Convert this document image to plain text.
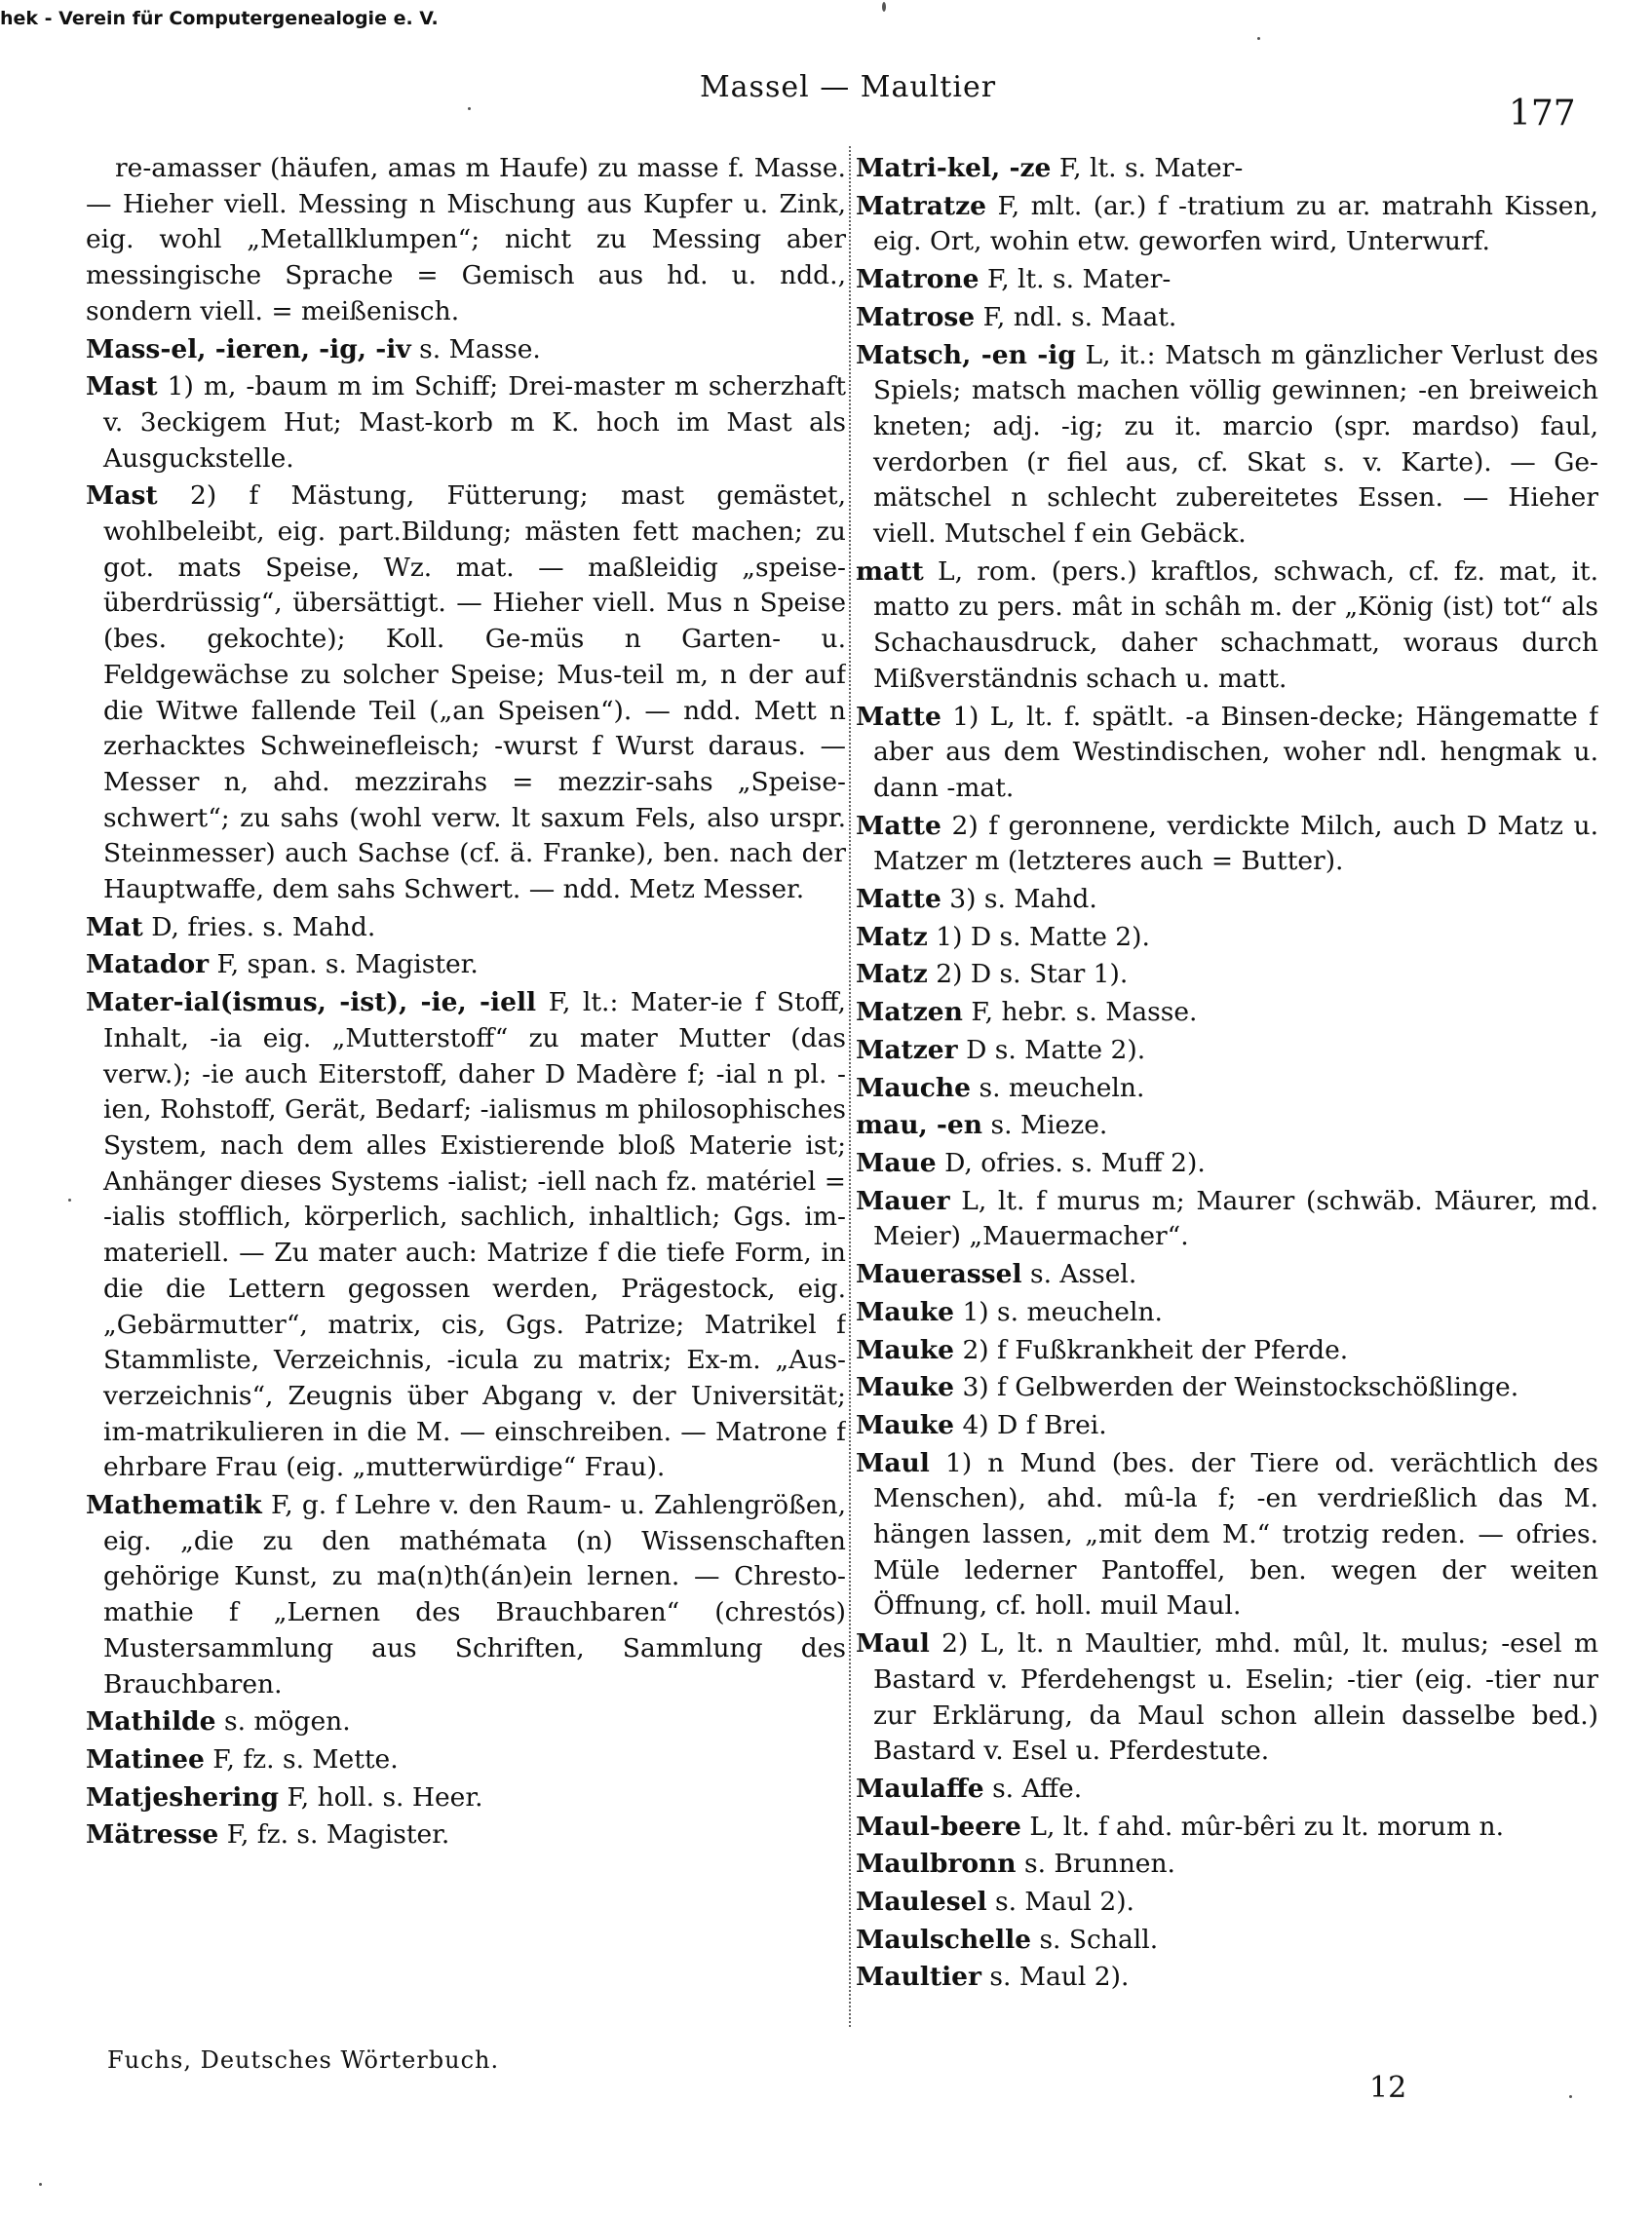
hek - Verein für Computergenealogie e. V.
Massel — Maultier
177
re-amasser (häufen, amas m Haufe) zu masse f. Masse. — Hieher viell. Messing n Mischung aus Kupfer u. Zink, eig. wohl „Metallklumpen“; nicht zu Messing aber messingische Sprache = Gemisch aus hd. u. ndd., sondern viell. = meißenisch.
Mass-el, -ieren, -ig, -iv s. Masse.
Mast 1) m, -baum m im Schiff; Drei-master m scherzhaft v. 3eckigem Hut; Mast-korb m K. hoch im Mast als Ausguckstelle.
Mast 2) f Mästung, Fütterung; mast gemästet, wohlbeleibt, eig. part.Bildung; mästen fett machen; zu got. mats Speise, Wz. mat. — maßleidig „speise-überdrüssig“, übersättigt. — Hieher viell. Mus n Speise (bes. gekochte); Koll. Ge-müs n Garten- u. Feldgewächse zu solcher Speise; Mus-teil m, n der auf die Witwe fallende Teil („an Speisen“). — ndd. Mett n zerhacktes Schweinefleisch; -wurst f Wurst daraus. — Messer n, ahd. mezzirahs = mezzir-sahs „Speise-schwert“; zu sahs (wohl verw. lt saxum Fels, also urspr. Steinmesser) auch Sachse (cf. ä. Franke), ben. nach der Hauptwaffe, dem sahs Schwert. — ndd. Metz Messer.
Mat D, fries. s. Mahd.
Matador F, span. s. Magister.
Mater-ial(ismus, -ist), -ie, -iell F, lt.: Mater-ie f Stoff, Inhalt, -ia eig. „Mutterstoff“ zu mater Mutter (das verw.); -ie auch Eiterstoff, daher D Madère f; -ial n pl. -ien, Rohstoff, Gerät, Bedarf; -ialismus m philosophisches System, nach dem alles Existierende bloß Materie ist; Anhänger dieses Systems -ialist; -iell nach fz. matériel = -ialis stofflich, körperlich, sachlich, inhaltlich; Ggs. im-materiell. — Zu mater auch: Matrize f die tiefe Form, in die die Lettern gegossen werden, Prägestock, eig. „Gebärmutter“, matrix, cis, Ggs. Patrize; Matrikel f Stammliste, Verzeichnis, -icula zu matrix; Ex-m. „Aus-verzeichnis“, Zeugnis über Abgang v. der Universität; im-matrikulieren in die M. — einschreiben. — Matrone f ehrbare Frau (eig. „mutterwürdige“ Frau).
Mathematik F, g. f Lehre v. den Raum- u. Zahlengrößen, eig. „die zu den mathémata (n) Wissenschaften gehörige Kunst, zu ma(n)th(án)ein lernen. — Chresto-mathie f „Lernen des Brauchbaren“ (chrestós) Mustersammlung aus Schriften, Sammlung des Brauchbaren.
Mathilde s. mögen.
Matinee F, fz. s. Mette.
Matjeshering F, holl. s. Heer.
Mätresse F, fz. s. Magister.
Matri-kel, -ze F, lt. s. Mater-
Matratze F, mlt. (ar.) f -tratium zu ar. matrahh Kissen, eig. Ort, wohin etw. geworfen wird, Unterwurf.
Matrone F, lt. s. Mater-
Matrose F, ndl. s. Maat.
Matsch, -en -ig L, it.: Matsch m gänzlicher Verlust des Spiels; matsch machen völlig gewinnen; -en breiweich kneten; adj. -ig; zu it. marcio (spr. mardso) faul, verdorben (r fiel aus, cf. Skat s. v. Karte). — Ge-mätschel n schlecht zubereitetes Essen. — Hieher viell. Mutschel f ein Gebäck.
matt L, rom. (pers.) kraftlos, schwach, cf. fz. mat, it. matto zu pers. mât in schâh m. der „König (ist) tot“ als Schachausdruck, daher schachmatt, woraus durch Mißverständnis schach u. matt.
Matte 1) L, lt. f. spätlt. -a Binsen-decke; Hängematte f aber aus dem Westindischen, woher ndl. hengmak u. dann -mat.
Matte 2) f geronnene, verdickte Milch, auch D Matz u. Matzer m (letzteres auch = Butter).
Matte 3) s. Mahd.
Matz 1) D s. Matte 2).
Matz 2) D s. Star 1).
Matzen F, hebr. s. Masse.
Matzer D s. Matte 2).
Mauche s. meucheln.
mau, -en s. Mieze.
Maue D, ofries. s. Muff 2).
Mauer L, lt. f murus m; Maurer (schwäb. Mäurer, md. Meier) „Mauermacher“.
Mauerassel s. Assel.
Mauke 1) s. meucheln.
Mauke 2) f Fußkrankheit der Pferde.
Mauke 3) f Gelbwerden der Weinstockschößlinge.
Mauke 4) D f Brei.
Maul 1) n Mund (bes. der Tiere od. verächtlich des Menschen), ahd. mû-la f; -en verdrießlich das M. hängen lassen, „mit dem M.“ trotzig reden. — ofries. Müle lederner Pantoffel, ben. wegen der weiten Öffnung, cf. holl. muil Maul.
Maul 2) L, lt. n Maultier, mhd. mûl, lt. mulus; -esel m Bastard v. Pferdehengst u. Eselin; -tier (eig. -tier nur zur Erklärung, da Maul schon allein dasselbe bed.) Bastard v. Esel u. Pferdestute.
Maulaffe s. Affe.
Maul-beere L, lt. f ahd. mûr-bêri zu lt. morum n.
Maulbronn s. Brunnen.
Maulesel s. Maul 2).
Maulschelle s. Schall.
Maultier s. Maul 2).
Fuchs, Deutsches Wörterbuch.
12
